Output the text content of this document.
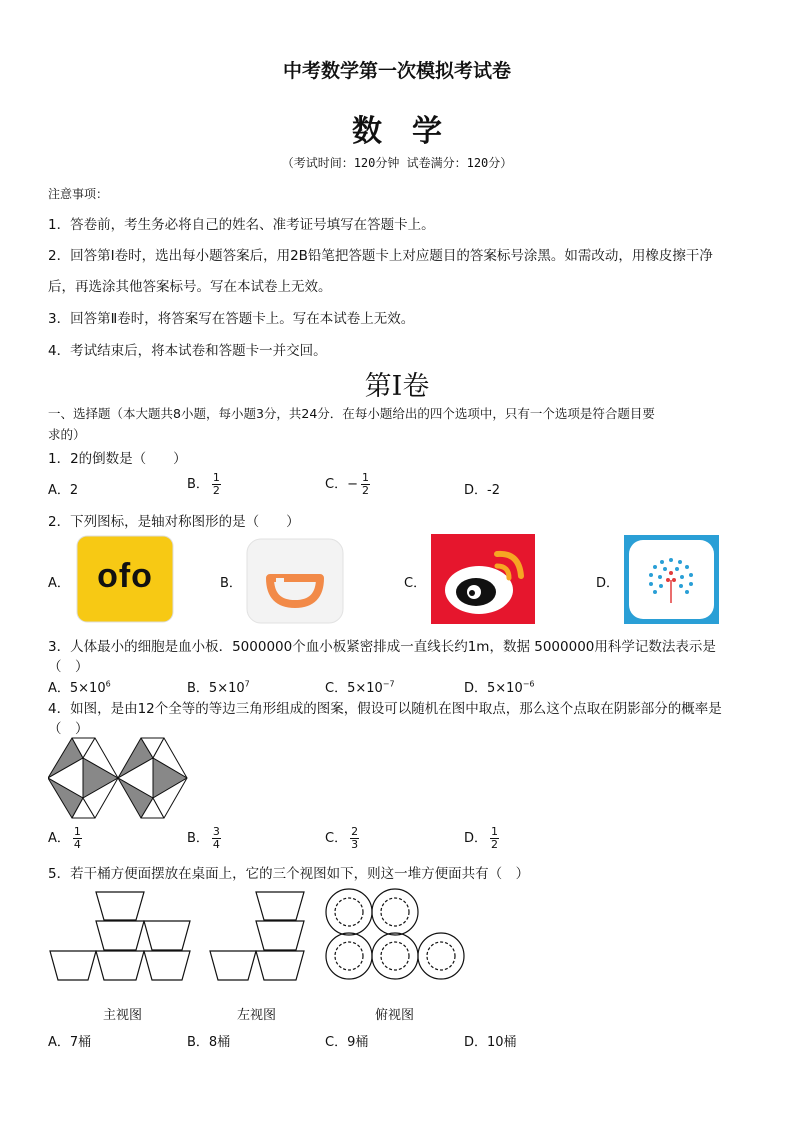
中考数学第一次模拟考试卷
数学
（考试时间：120分钟 试卷满分：120分）
注意事项：
1．答卷前，考生务必将自己的姓名、准考证号填写在答题卡上。
2．回答第Ⅰ卷时，选出每小题答案后，用2B铅笔把答题卡上对应题目的答案标号涂黑。如需改动，用橡皮擦干净
后，再选涂其他答案标号。写在本试卷上无效。
3．回答第Ⅱ卷时，将答案写在答题卡上。写在本试卷上无效。
4．考试结束后，将本试卷和答题卡一并交回。
第Ⅰ卷
一、选择题（本大题共8小题，每小题3分，共24分．在每小题给出的四个选项中，只有一个选项是符合题目要
求的）
1．2的倒数是（　　）
A．2	B． $\frac{1}{2}$	C．− $\frac{1}{2}$	D．-2
2．下列图标，是轴对称图形的是（　　）
A．	B．	C．	D．
ofo
3．人体最小的细胞是血小板．5000000个血小板紧密排成一直线长约1m，数据 5000000用科学记数法表示是
（　）
A．$5\times 10^6$	B．$5\times 10^7$	C．$5\times 10^{-7}$	D．$5\times 10^{-6}$
4．如图，是由12个全等的等边三角形组成的图案，假设可以随机在图中取点，那么这个点取在阴影部分的概率是
（　）
A． $\frac{1}{4}$	B． $\frac{3}{4}$	C． $\frac{2}{3}$	D． $\frac{1}{2}$
5．若干桶方便面摆放在桌面上，它的三个视图如下，则这一堆方便面共有（　）
主视图	左视图	俯视图
A．7桶	B．8桶	C．9桶	D．10桶
